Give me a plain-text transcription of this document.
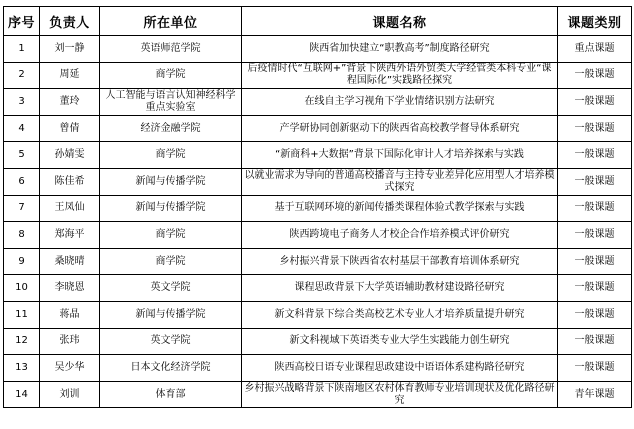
序号	负责人	所在单位	课题名称	课题类别
1	刘一静	英语师范学院	陕西省加快建立“职教高考”制度路径研究	重点课题
2	周延	商学院	后疫情时代“互联网+”背景下陕西外语外贸类大学经管类本科专业“课程国际化”实践路径探究	一般课题
3	董玲	人工智能与语言认知神经科学重点实验室	在线自主学习视角下学业情绪识别方法研究	一般课题
4	曾倩	经济金融学院	产学研协同创新驱动下的陕西省高校教学督导体系研究	一般课题
5	孙婧雯	商学院	“新商科+大数据”背景下国际化审计人才培养探索与实践	一般课题
6	陈佳希	新闻与传播学院	以就业需求为导向的普通高校播音与主持专业差异化应用型人才培养模式探究	一般课题
7	王凤仙	新闻与传播学院	基于互联网环境的新闻传播类课程体验式教学探索与实践	一般课题
8	郑海平	商学院	陕西跨境电子商务人才校企合作培养模式评价研究	一般课题
9	桑晓晴	商学院	乡村振兴背景下陕西省农村基层干部教育培训体系研究	一般课题
10	李晓恩	英文学院	课程思政背景下大学英语辅助教材建设路径研究	一般课题
11	蒋晶	新闻与传播学院	新文科背景下综合类高校艺术专业人才培养质量提升研究	一般课题
12	张玮	英文学院	新文科视域下英语类专业大学生实践能力创生研究	一般课题
13	吴少华	日本文化经济学院	陕西高校日语专业课程思政建设中语语体系建构路径研究	一般课题
14	刘训	体育部	乡村振兴战略背景下陕南地区农村体育教师专业培训现状及优化路径研究	青年课题
